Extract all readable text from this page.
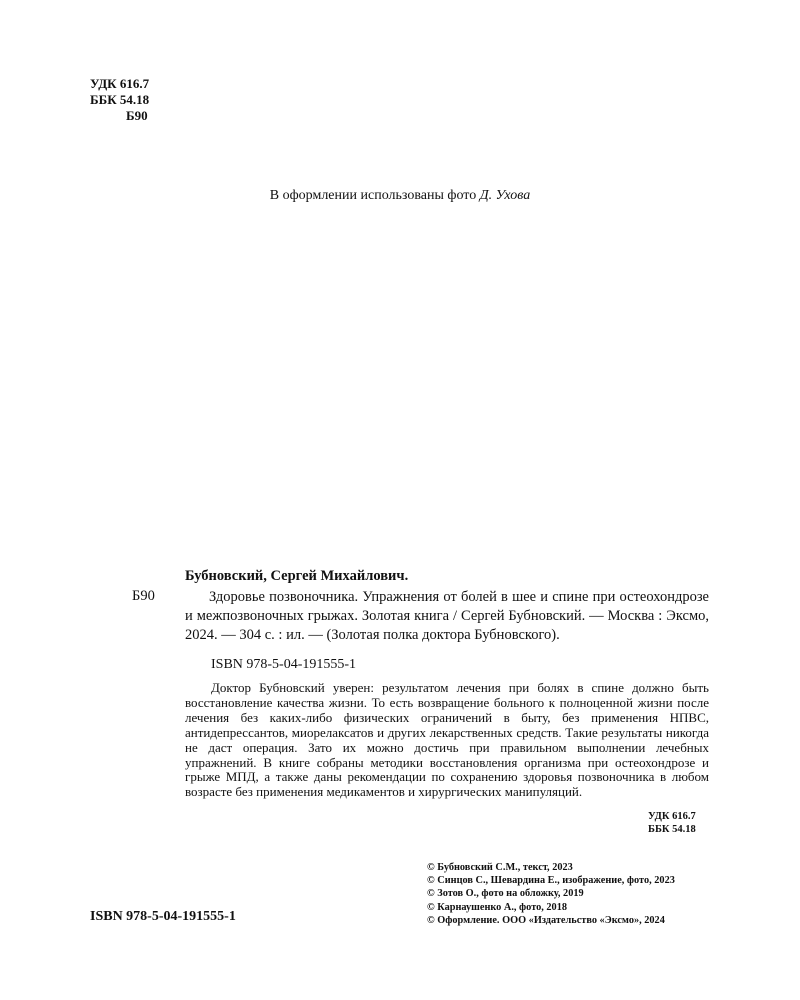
УДК 616.7
ББК 54.18
Б90
В оформлении использованы фото Д. Ухова
Бубновский, Сергей Михайлович.
Б90	Здоровье позвоночника. Упражнения от болей в шее и спине при остеохондрозе и межпозвоночных грыжах. Золотая книга / Сергей Бубновский. — Москва : Эксмо, 2024. — 304 с. : ил. — (Золотая полка доктора Бубновского).
ISBN 978-5-04-191555-1
Доктор Бубновский уверен: результатом лечения при болях в спине должно быть восстановление качества жизни. То есть возвращение больного к полноценной жизни после лечения без каких-либо физических ограничений в быту, без применения НПВС, антидепрессантов, миорелаксатов и других лекарственных средств. Такие результаты никогда не даст операция. Зато их можно достичь при правильном выполнении лечебных упражнений. В книге собраны методики восстановления организма при остеохондрозе и грыже МПД, а также даны рекомендации по сохранению здоровья позвоночника в любом возрасте без применения медикаментов и хирургических манипуляций.
УДК 616.7
ББК 54.18
© Бубновский С.М., текст, 2023
© Синцов С., Шевардина Е., изображение, фото, 2023
© Зотов О., фото на обложку, 2019
© Карнаушенко А., фото, 2018
© Оформление. ООО «Издательство «Эксмо», 2024
ISBN 978-5-04-191555-1
